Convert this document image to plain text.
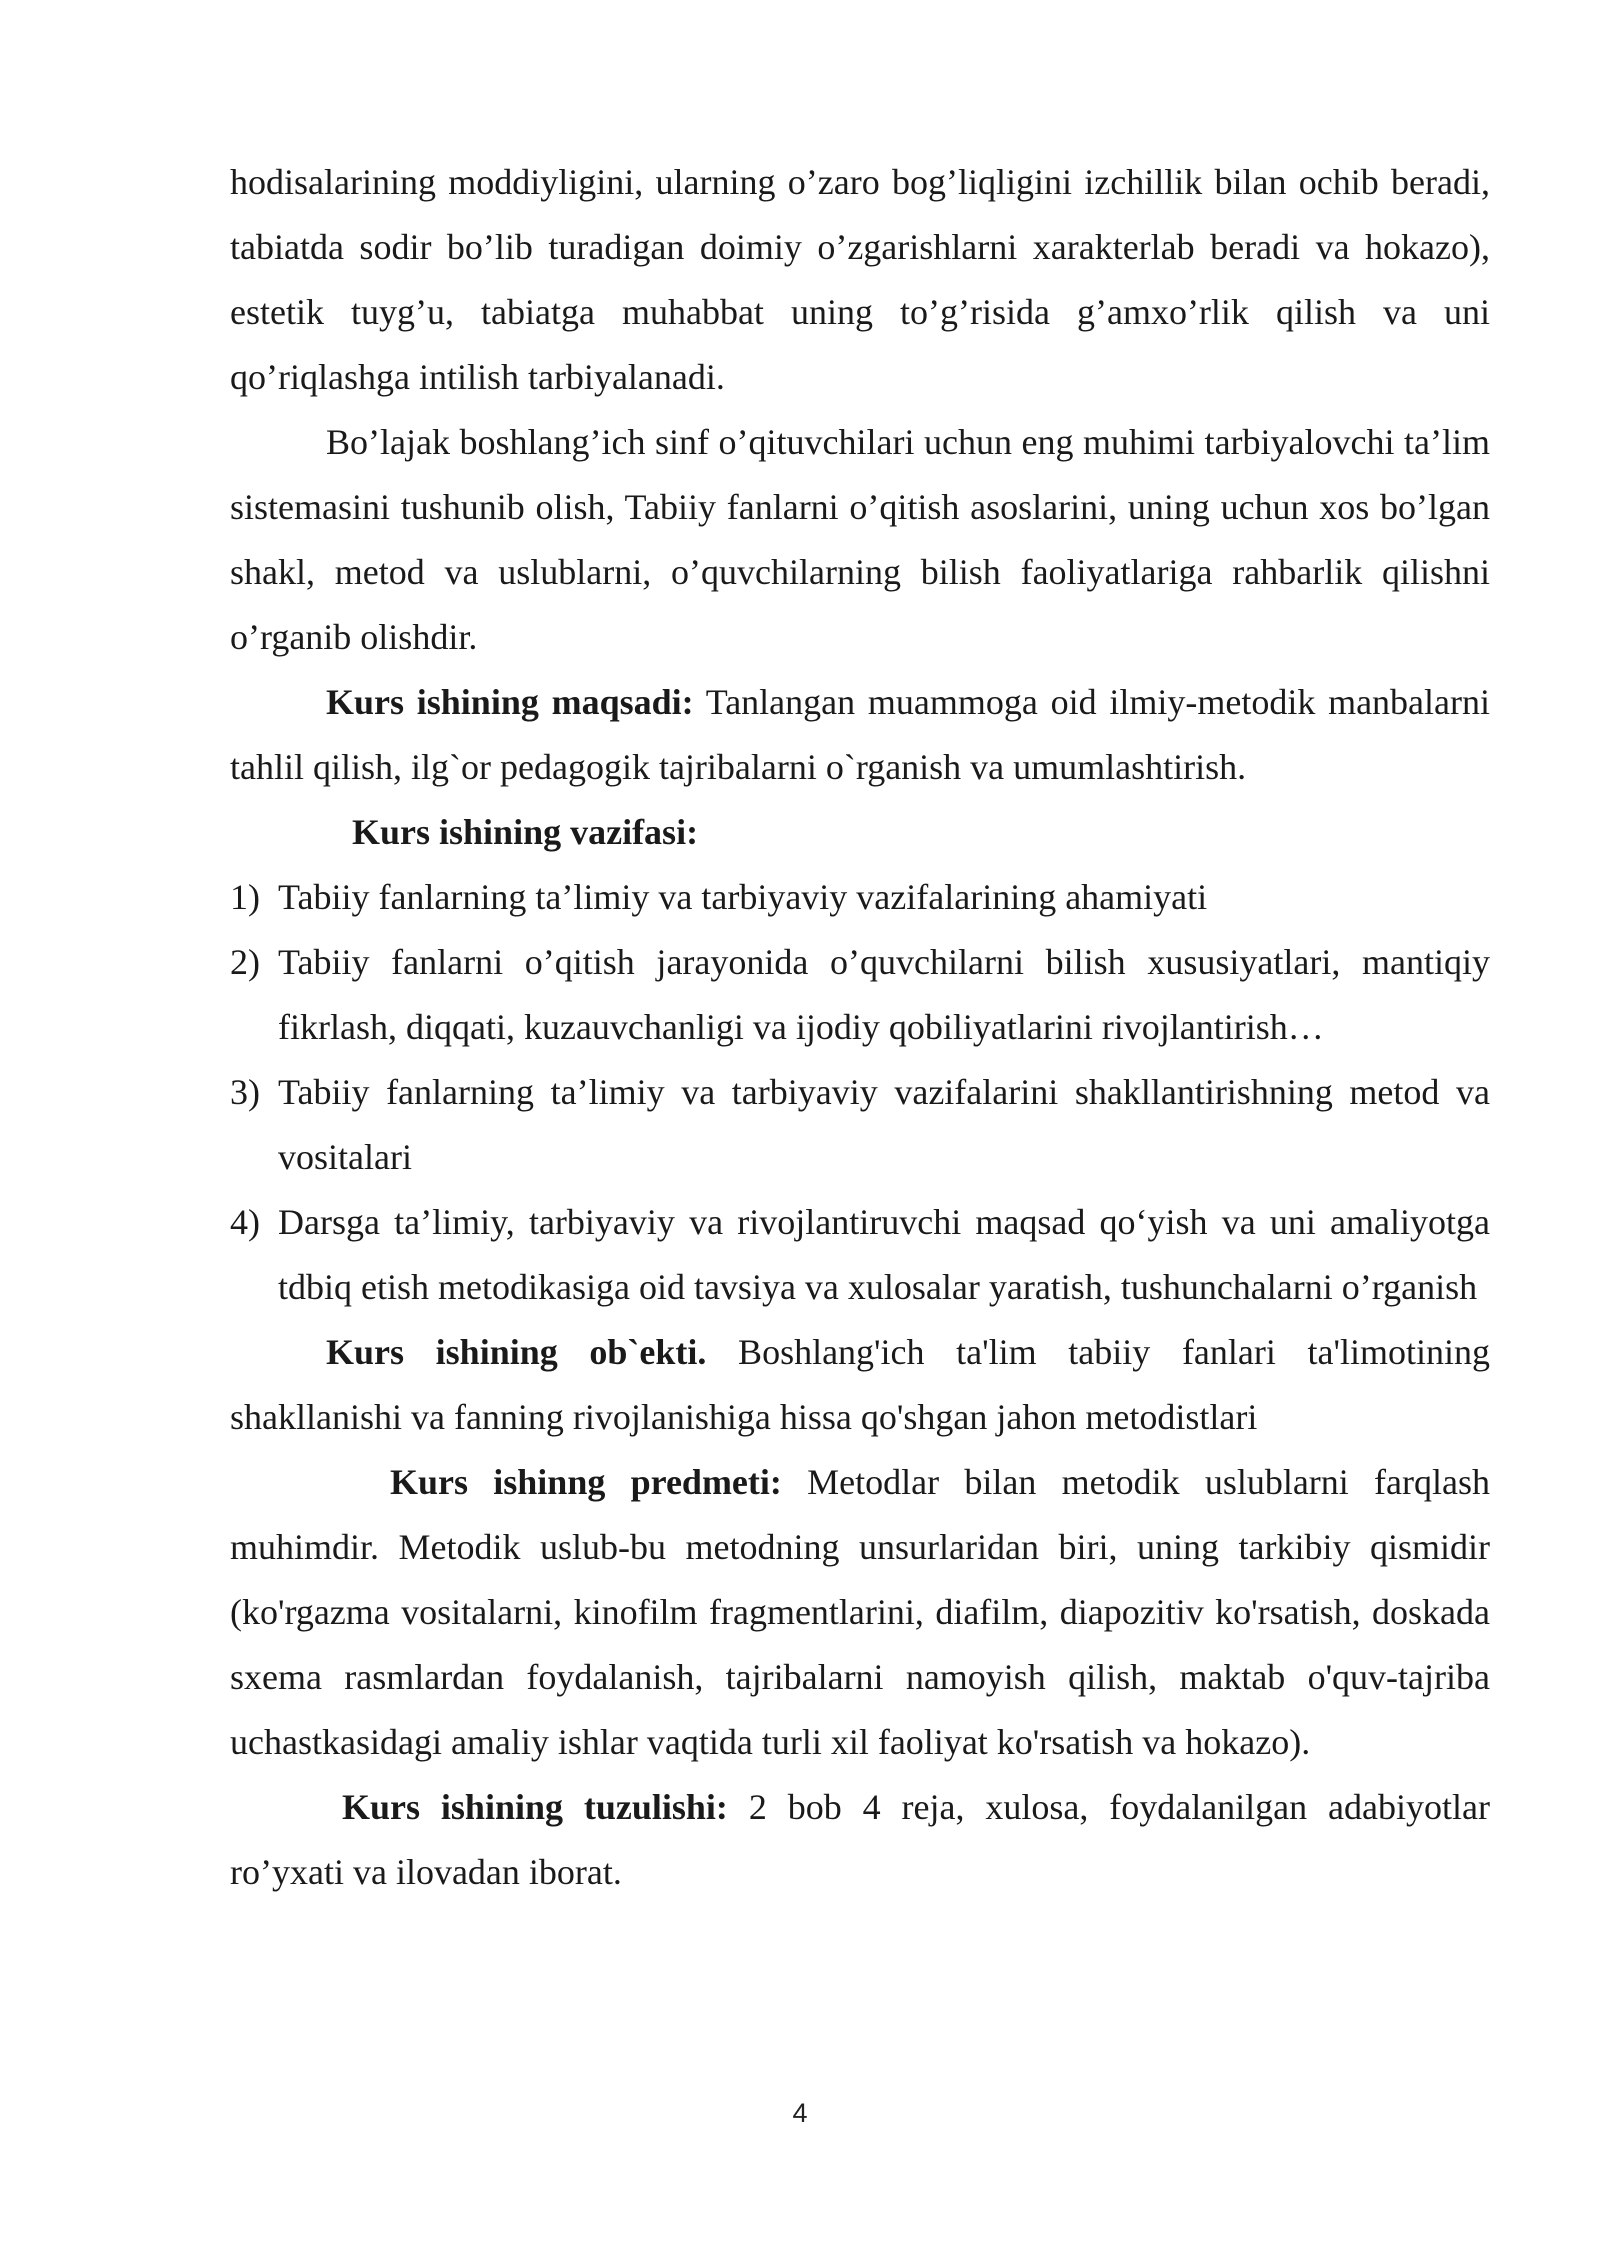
hodisalarining moddiyligini, ularning o’zaro bog’liqligini izchillik bilan ochib beradi, tabiatda sodir bo’lib turadigan doimiy o’zgarishlarni xarakterlab beradi va hokazo), estetik tuyg’u, tabiatga muhabbat uning to’g’risida g’amxo’rlik qilish va uni qo’riqlashga intilish tarbiyalanadi.

Bo’lajak boshlang’ich sinf o’qituvchilari uchun eng muhimi tarbiyalovchi ta’lim sistemasini tushunib olish, Tabiiy fanlarni o’qitish asoslarini, uning uchun xos bo’lgan shakl, metod va uslublarni, o’quvchilarning bilish faoliyatlariga rahbarlik qilishni o’rganib olishdir.

Kurs ishining maqsadi: Tanlangan muammoga oid ilmiy-metodik manbalarni tahlil qilish, ilg`or pedagogik tajribalarni o`rganish va umumlashtirish.

Kurs ishining vazifasi:

1) Tabiiy fanlarning ta’limiy va tarbiyaviy vazifalarining ahamiyati
2) Tabiiy fanlarni o’qitish jarayonida o’quvchilarni bilish xususiyatlari, mantiqiy fikrlash, diqqati, kuzauvchanligi va ijodiy qobiliyatlarini rivojlantirish…
3) Tabiiy fanlarning ta’limiy va tarbiyaviy vazifalarini shakllantirishning metod va vositalari
4) Darsga ta’limiy, tarbiyaviy va rivojlantiruvchi maqsad qo‘yish va uni amaliyotga tdbiq etish metodikasiga oid tavsiya va xulosalar yaratish, tushunchalarni o’rganish

Kurs ishining ob`ekti. Boshlang'ich ta'lim tabiiy fanlari ta'limotining shakllanishi va fanning rivojlanishiga hissa qo'shgan jahon metodistlari

Kurs ishinng predmeti: Metodlar bilan metodik uslublarni farqlash muhimdir. Metodik uslub-bu metodning unsurlaridan biri, uning tarkibiy qismidir (ko'rgazma vositalarni, kinofilm fragmentlarini, diafilm, diapozitiv ko'rsatish, doskada sxema rasmlardan foydalanish, tajribalarni namoyish qilish, maktab o'quv-tajriba uchastkasidagi amaliy ishlar vaqtida turli xil faoliyat ko'rsatish va hokazo).

Kurs ishining tuzulishi: 2 bob 4 reja, xulosa, foydalanilgan adabiyotlar ro’yxati va ilovadan iborat.

4
